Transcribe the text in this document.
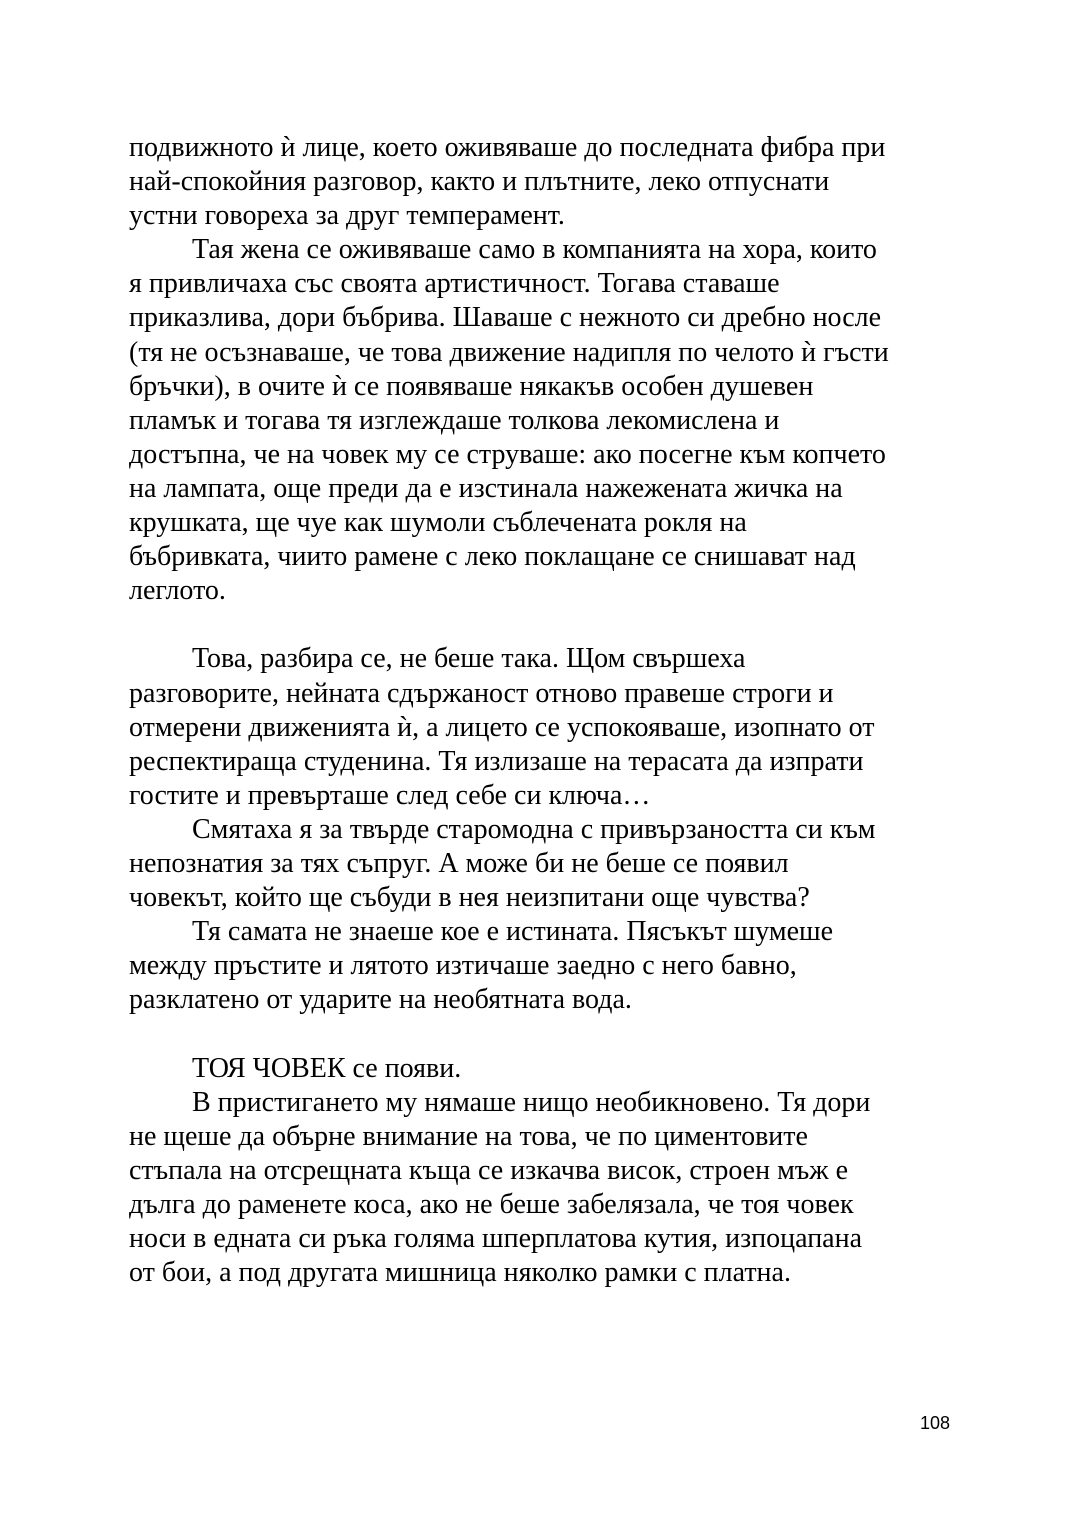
подвижното ѝ лице, което оживяваше до последната фибра при
най-спокойния разговор, както и плътните, леко отпуснати
устни говореха за друг темперамент.
Тая жена се оживяваше само в компанията на хора, които
я привличаха със своята артистичност. Тогава ставаше
приказлива, дори бъбрива. Шаваше с нежното си дребно носле
(тя не осъзнаваше, че това движение надипля по челото ѝ гъсти
бръчки), в очите ѝ се появяваше някакъв особен душевен
пламък и тогава тя изглеждаше толкова лекомислена и
достъпна, че на човек му се струваше: ако посегне към копчето
на лампата, още преди да е изстинала нажежената жичка на
крушката, ще чуе как шумоли съблечената рокля на
бъбривката, чиито рамене с леко поклащане се снишават над
леглото.
Това, разбира се, не беше така. Щом свършеха
разговорите, нейната сдържаност отново правеше строги и
отмерени движенията ѝ, а лицето се успокояваше, изопнато от
респектираща студенина. Тя излизаше на терасата да изпрати
гостите и превърташе след себе си ключа…
Смятаха я за твърде старомодна с привързаността си към
непознатия за тях съпруг. А може би не беше се появил
човекът, който ще събуди в нея неизпитани още чувства?
Тя самата не знаеше кое е истината. Пясъкът шумеше
между пръстите и лятото изтичаше заедно с него бавно,
разклатено от ударите на необятната вода.
ТОЯ ЧОВЕК се появи.
В пристигането му нямаше нищо необикновено. Тя дори
не щеше да обърне внимание на това, че по циментовите
стъпала на отсрещната къща се изкачва висок, строен мъж е
дълга до раменете коса, ако не беше забелязала, че тоя човек
носи в едната си ръка голяма шперплатова кутия, изпоцапана
от бои, а под другата мишница няколко рамки с платна.
108
